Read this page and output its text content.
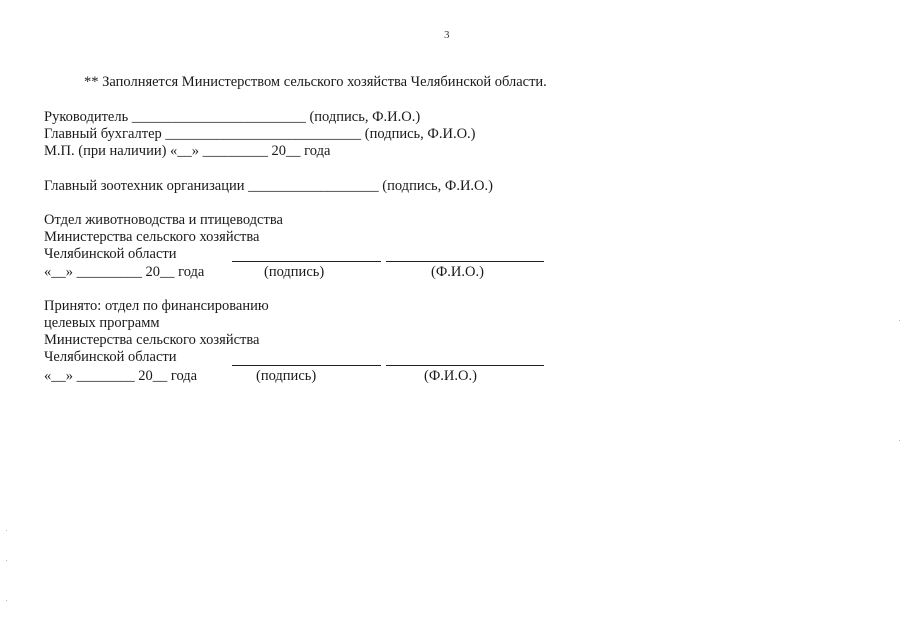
3
** Заполняется Министерством сельского хозяйства Челябинской области.
Руководитель ________________________ (подпись, Ф.И.О.)
Главный бухгалтер ___________________________ (подпись, Ф.И.О.)
М.П. (при наличии) «__» _________ 20__ года
Главный зоотехник организации __________________ (подпись, Ф.И.О.)
Отдел животноводства и птицеводства
Министерства сельского хозяйства
Челябинской области
«__» _________ 20__ года	(подпись)	(Ф.И.О.)
Принято: отдел по финансированию
целевых программ
Министерства сельского хозяйства
Челябинской области
«__» ________ 20__ года	(подпись)	(Ф.И.О.)
